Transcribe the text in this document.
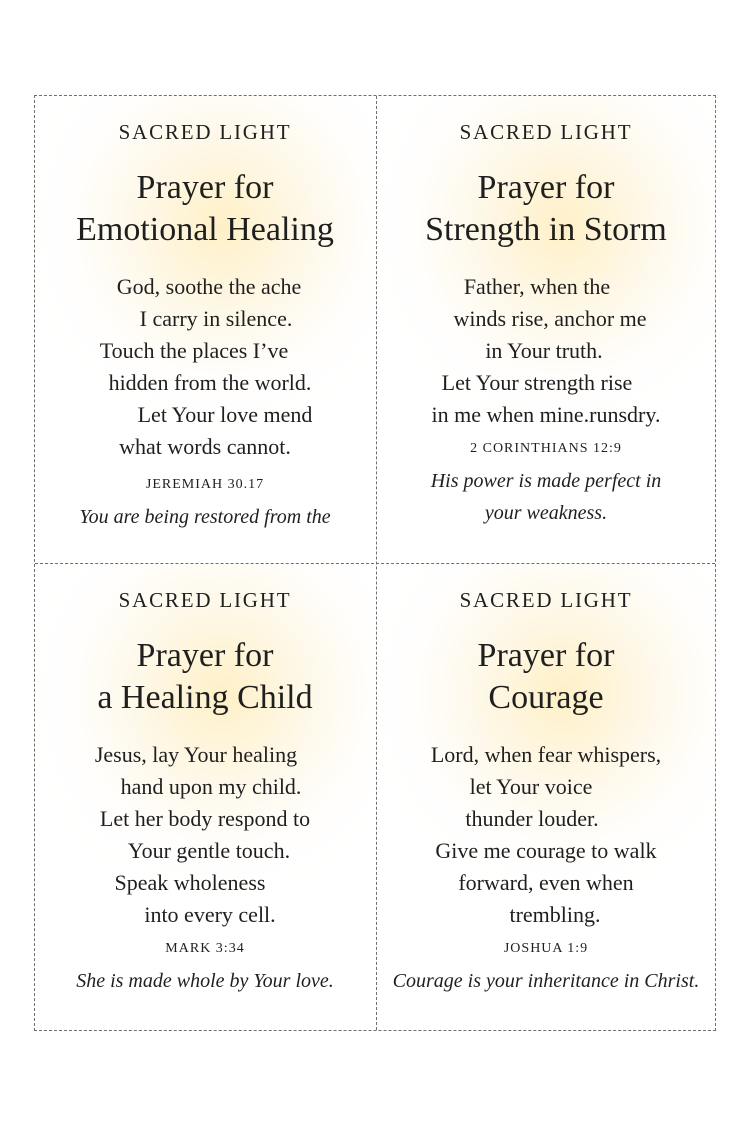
SACRED LIGHT
Prayer for
Emotional Healing
God, soothe the ache
I carry in silence.
Touch the places I’ve
hidden from the world.
Let Your love mend
what words cannot.
JEREMIAH 30.17
You are being restored from the
SACRED LIGHT
Prayer for
Strength in Storm
Father, when the
winds rise, anchor me
in Your truth.
Let Your strength rise
in me when mine.runsdry.
2 CORINTHIANS 12:9
His power is made perfect in
your weakness.
SACRED LIGHT
Prayer for
a Healing Child
Jesus, lay Your healing
hand upon my child.
Let her body respond to
Your gentle touch.
Speak wholeness
into every cell.
MARK 3:34
She is made whole by Your love.
SACRED LIGHT
Prayer for
Courage
Lord, when fear whispers,
let Your voice
thunder louder.
Give me courage to walk
forward, even when
trembling.
JOSHUA 1:9
Courage is your inheritance in Christ.
